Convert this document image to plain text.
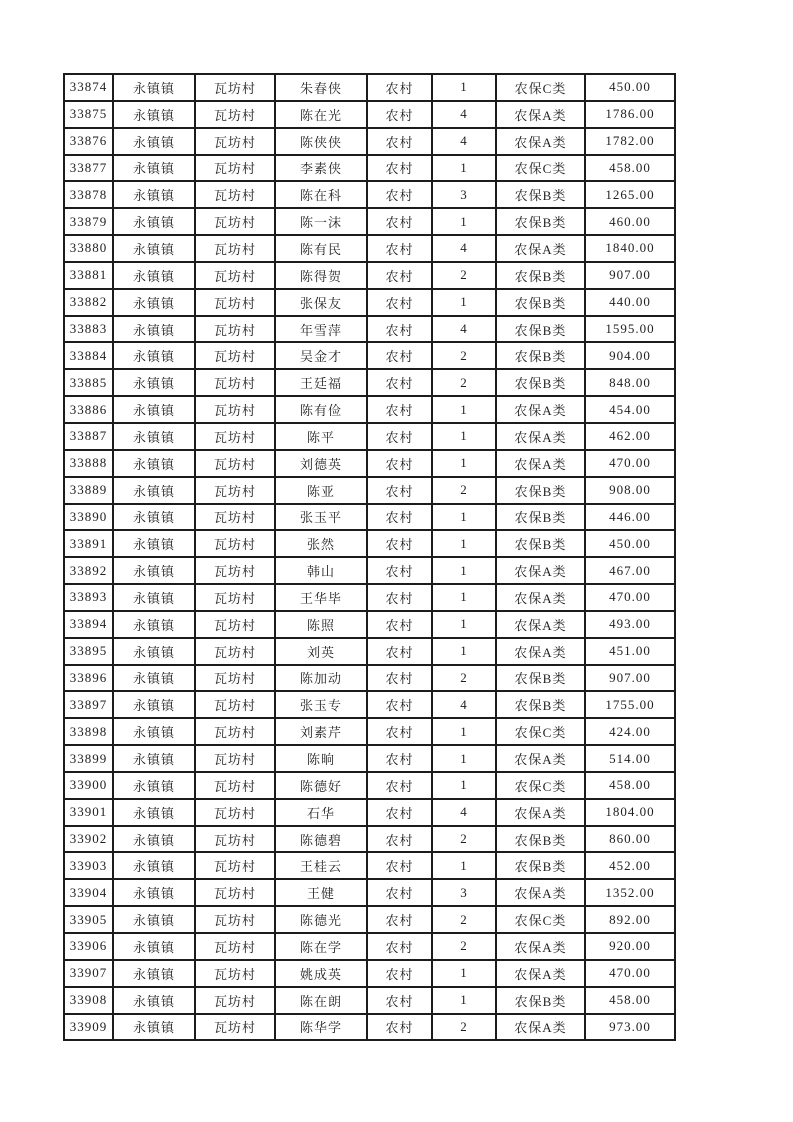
33874	永镇镇	瓦坊村	朱春侠	农村	1	农保C类	450.00
33875	永镇镇	瓦坊村	陈在光	农村	4	农保A类	1786.00
33876	永镇镇	瓦坊村	陈侠侠	农村	4	农保A类	1782.00
33877	永镇镇	瓦坊村	李素侠	农村	1	农保C类	458.00
33878	永镇镇	瓦坊村	陈在科	农村	3	农保B类	1265.00
33879	永镇镇	瓦坊村	陈一沫	农村	1	农保B类	460.00
33880	永镇镇	瓦坊村	陈有民	农村	4	农保A类	1840.00
33881	永镇镇	瓦坊村	陈得贺	农村	2	农保B类	907.00
33882	永镇镇	瓦坊村	张保友	农村	1	农保B类	440.00
33883	永镇镇	瓦坊村	年雪萍	农村	4	农保B类	1595.00
33884	永镇镇	瓦坊村	吴金才	农村	2	农保B类	904.00
33885	永镇镇	瓦坊村	王廷福	农村	2	农保B类	848.00
33886	永镇镇	瓦坊村	陈有俭	农村	1	农保A类	454.00
33887	永镇镇	瓦坊村	陈平	农村	1	农保A类	462.00
33888	永镇镇	瓦坊村	刘德英	农村	1	农保A类	470.00
33889	永镇镇	瓦坊村	陈亚	农村	2	农保B类	908.00
33890	永镇镇	瓦坊村	张玉平	农村	1	农保B类	446.00
33891	永镇镇	瓦坊村	张然	农村	1	农保B类	450.00
33892	永镇镇	瓦坊村	韩山	农村	1	农保A类	467.00
33893	永镇镇	瓦坊村	王华毕	农村	1	农保A类	470.00
33894	永镇镇	瓦坊村	陈照	农村	1	农保A类	493.00
33895	永镇镇	瓦坊村	刘英	农村	1	农保A类	451.00
33896	永镇镇	瓦坊村	陈加动	农村	2	农保B类	907.00
33897	永镇镇	瓦坊村	张玉专	农村	4	农保B类	1755.00
33898	永镇镇	瓦坊村	刘素芹	农村	1	农保C类	424.00
33899	永镇镇	瓦坊村	陈晌	农村	1	农保A类	514.00
33900	永镇镇	瓦坊村	陈德好	农村	1	农保C类	458.00
33901	永镇镇	瓦坊村	石华	农村	4	农保A类	1804.00
33902	永镇镇	瓦坊村	陈德碧	农村	2	农保B类	860.00
33903	永镇镇	瓦坊村	王桂云	农村	1	农保B类	452.00
33904	永镇镇	瓦坊村	王健	农村	3	农保A类	1352.00
33905	永镇镇	瓦坊村	陈德光	农村	2	农保C类	892.00
33906	永镇镇	瓦坊村	陈在学	农村	2	农保A类	920.00
33907	永镇镇	瓦坊村	姚成英	农村	1	农保A类	470.00
33908	永镇镇	瓦坊村	陈在朗	农村	1	农保B类	458.00
33909	永镇镇	瓦坊村	陈华学	农村	2	农保A类	973.00
